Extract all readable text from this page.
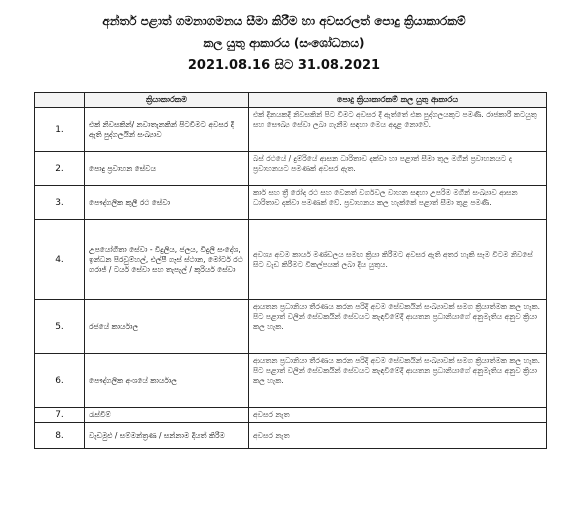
අන්තර් පළාත් ගමනාගමනය සීමා කිරීම හා අවසරලත් පොදු ක්‍රියාකාරකම්
කල යුතු ආකාරය (සංශෝධනය)
2021.08.16 සිට 31.08.2021
	ක්‍රියාකාරකම	පොදු ක්‍රියාකාරකම් කල යුතු ආකාරය
1.	එක් නිවසකින්/ නවාතැනකින් පිටවීමට අවසර දී ඇති පුද්ගලයින් සංඛ්‍යාව	එක් දිනයකදී නිවසකින් පිට වීමට අවසර දී ඇත්තේ එක පුද්ගලයකුට පමණි. රාජකාරී කටයුතු සහ සෞඛ්‍ය සේවා ලබා ගැනීම සඳහා මෙය අදාළ නොවේ.
2.	පොදු ප්‍රවාහන සේවය	බස් රථයේ / දුම්රියේ ආසන ධාරිතාව දක්වා හා පළාත් සීමා තුල මගීන් ප්‍රවාහනයට ද ප්‍රවාහනයට පමණක් අවසර ඇත.
3.	පෞද්ගලික කුලී රථ සේවා	කාර් සහ ත්‍රී රෝද රථ සහ වෙනත් වර්ගවල වාහන සඳහා උපරිම මගීන් සංඛ්‍යාව ආසන ධාරිතාව දක්වා පමණක් වේ. ප්‍රවාහනය කල හැක්කේ පළාත් සීමා තුළ පමණි.
4.	උපයෝගිතා සේවා - විදුලිය, ජලය, විදුලි සංදේශ, ඉන්ධන පිරවුම්හල්, එල්පී ගෑස් ස්ථාන, මෝටර් රථ ගරාජ් / ටයර් සේවා සහ තැපැල් / කුරියර් සේවා	අවශ්‍ය අවම කාර්ය මණ්ඩලය සමඟ ක්‍රියා කිරීමට අවසර ඇති අතර හැකි සෑම විටම නිවසේ සිට වැඩ කිරීමට විකල්පයක් ලබා දිය යුතුය.
5.	රජයේ කාර්යාල	ආයතන ප්‍රධානියා තීරණය කරන පරිදි අවම සේවකයින් සංඛ්‍යාවක් සමග ක්‍රියාත්මක කල හැක. පිට පළාත් වලින් සේවකයින් සේවයට කැඳවීමේදී ආයතන ප්‍රධානියාගේ අනුමැතිය අනුව ක්‍රියා කල හැක.
6.	පෞද්ගලික අංශයේ කාර්යාල	ආයතන ප්‍රධානියා තීරණය කරන පරිදි අවම සේවකයින් සංඛ්‍යාවක් සමග ක්‍රියාත්මක කල හැක. පිට පළාත් වලින් සේවකයින් සේවයට කැඳවීමේදී ආයතන ප්‍රධානියාගේ අනුමැතිය අනුව ක්‍රියා කල හැක.
7.	රැස්වීම්	අවසර නැත
8.	වැඩමුළු / සම්මන්ත්‍රණ / සන්නාම දියත් කිරීම	අවසර නැත
